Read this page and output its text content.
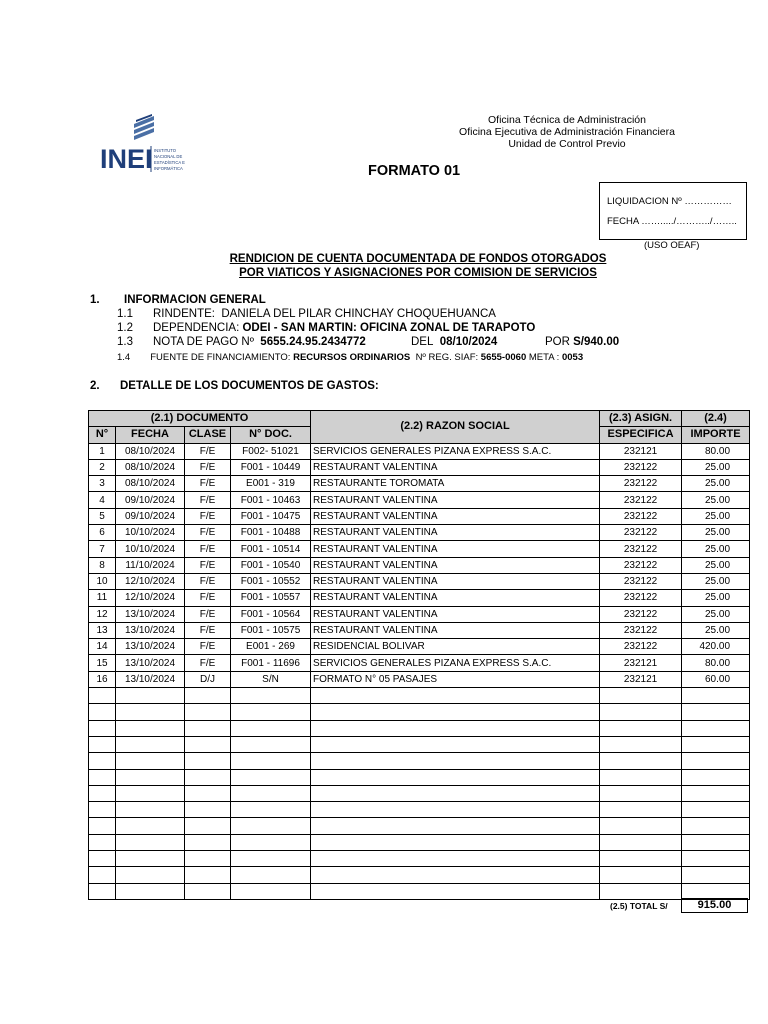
INEI INSTITUTO
NACIONAL DE
ESTADÍSTICA E
INFORMÁTICA
Oficina Técnica de Administración
Oficina Ejecutiva de Administración Financiera
Unidad de Control Previo
FORMATO 01
LIQUIDACION Nº ……………
FECHA ……...../………../……..
(USO OEAF)
RENDICION DE CUENTA DOCUMENTADA DE FONDOS OTORGADOS
POR VIATICOS Y ASIGNACIONES POR COMISION DE SERVICIOS
1. INFORMACION GENERAL
1.1 RINDENTE: DANIELA DEL PILAR CHINCHAY CHOQUEHUANCA
1.2 DEPENDENCIA: ODEI - SAN MARTIN: OFICINA ZONAL DE TARAPOTO
1.3 NOTA DE PAGO Nº 5655.24.95.2434772	DEL 08/10/2024	POR S/940.00
1.4 FUENTE DE FINANCIAMIENTO: RECURSOS ORDINARIOS Nº REG. SIAF: 5655-0060 META : 0053
2. DETALLE DE LOS DOCUMENTOS DE GASTOS:
(2.1) DOCUMENTO				(2.2) RAZON SOCIAL	(2.3) ASIGN.	(2.4)
N°	FECHA	CLASE	N° DOC.		ESPECIFICA	IMPORTE
1	08/10/2024	F/E	F002- 51021	SERVICIOS GENERALES PIZANA EXPRESS S.A.C.	232121	80.00
2	08/10/2024	F/E	F001 - 10449	RESTAURANT VALENTINA	232122	25.00
3	08/10/2024	F/E	E001 - 319	RESTAURANTE TOROMATA	232122	25.00
4	09/10/2024	F/E	F001 - 10463	RESTAURANT VALENTINA	232122	25.00
5	09/10/2024	F/E	F001 - 10475	RESTAURANT VALENTINA	232122	25.00
6	10/10/2024	F/E	F001 - 10488	RESTAURANT VALENTINA	232122	25.00
7	10/10/2024	F/E	F001 - 10514	RESTAURANT VALENTINA	232122	25.00
8	11/10/2024	F/E	F001 - 10540	RESTAURANT VALENTINA	232122	25.00
10	12/10/2024	F/E	F001 - 10552	RESTAURANT VALENTINA	232122	25.00
11	12/10/2024	F/E	F001 - 10557	RESTAURANT VALENTINA	232122	25.00
12	13/10/2024	F/E	F001 - 10564	RESTAURANT VALENTINA	232122	25.00
13	13/10/2024	F/E	F001 - 10575	RESTAURANT VALENTINA	232122	25.00
14	13/10/2024	F/E	E001 - 269	RESIDENCIAL BOLIVAR	232122	420.00
15	13/10/2024	F/E	F001 - 11696	SERVICIOS GENERALES PIZANA EXPRESS S.A.C.	232121	80.00
16	13/10/2024	D/J	S/N	FORMATO N° 05 PASAJES	232121	60.00

(2.5) TOTAL S/	915.00
